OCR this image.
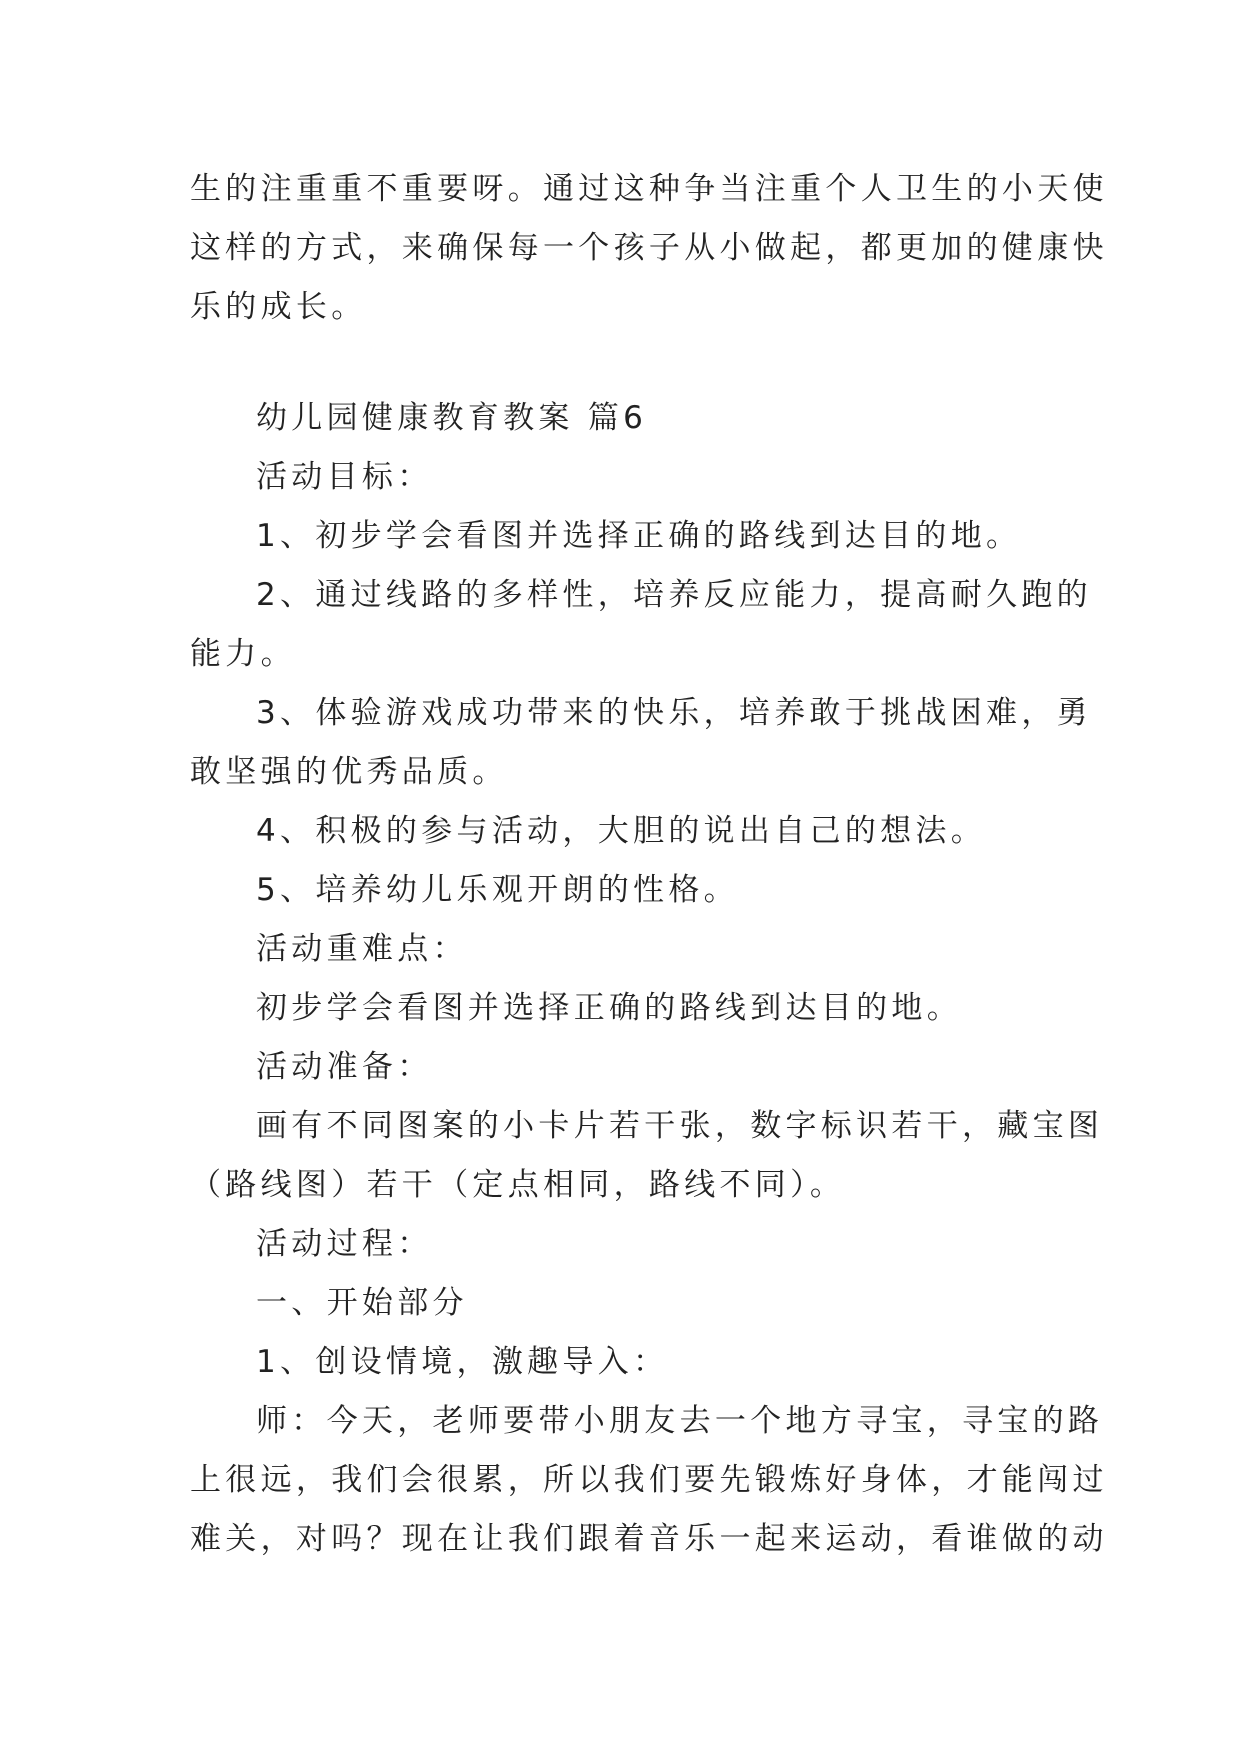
生的注重重不重要呀。通过这种争当注重个人卫生的小天使
这样的方式，来确保每一个孩子从小做起，都更加的健康快
乐的成长。
幼儿园健康教育教案 篇6
活动目标：
1、初步学会看图并选择正确的路线到达目的地。
2、通过线路的多样性，培养反应能力，提高耐久跑的
能力。
3、体验游戏成功带来的快乐，培养敢于挑战困难，勇
敢坚强的优秀品质。
4、积极的参与活动，大胆的说出自己的想法。
5、培养幼儿乐观开朗的性格。
活动重难点：
初步学会看图并选择正确的路线到达目的地。
活动准备：
画有不同图案的小卡片若干张，数字标识若干，藏宝图
（路线图）若干（定点相同，路线不同）。
活动过程：
一、开始部分
1、创设情境，激趣导入：
师：今天，老师要带小朋友去一个地方寻宝，寻宝的路
上很远，我们会很累，所以我们要先锻炼好身体，才能闯过
难关，对吗？现在让我们跟着音乐一起来运动，看谁做的动
